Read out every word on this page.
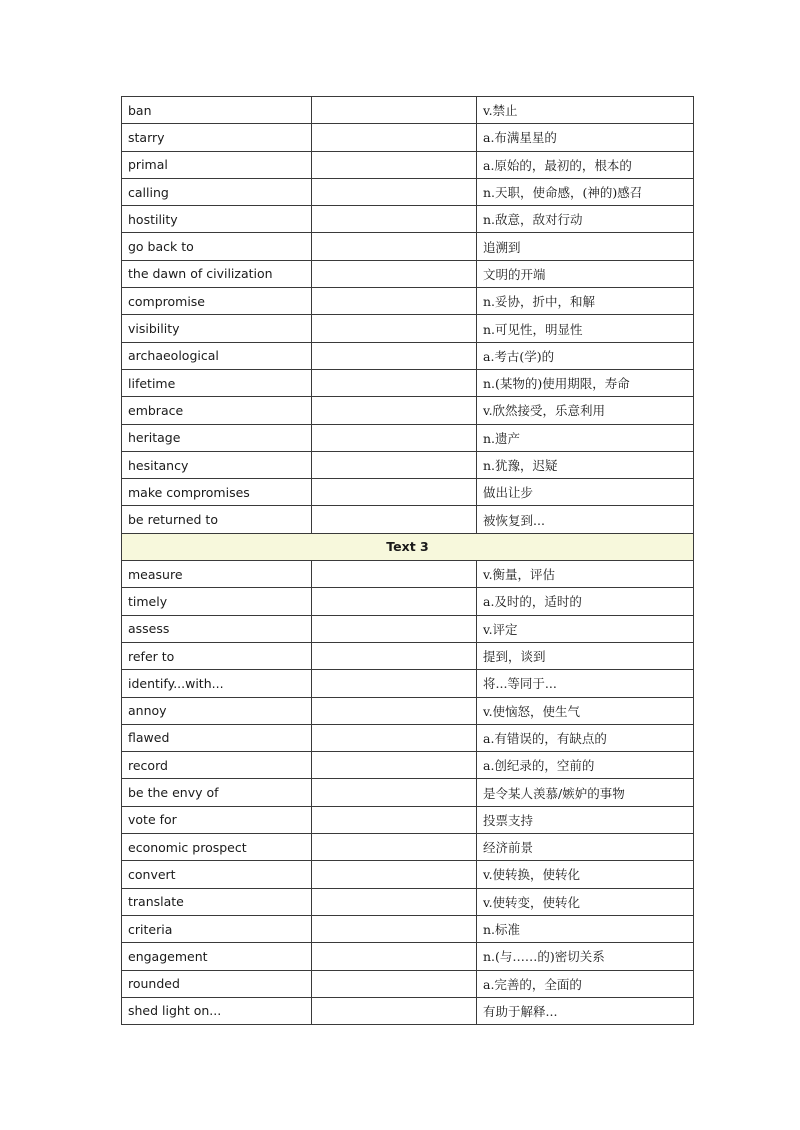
ban		v.禁止
starry		a.布满星星的
primal		a.原始的，最初的，根本的
calling		n.天职，使命感，(神的)感召
hostility		n.敌意，敌对行动
go back to		追溯到
the dawn of civilization		文明的开端
compromise		n.妥协，折中，和解
visibility		n.可见性，明显性
archaeological		a.考古(学)的
lifetime		n.(某物的)使用期限，寿命
embrace		v.欣然接受，乐意利用
heritage		n.遗产
hesitancy		n.犹豫，迟疑
make compromises		做出让步
be returned to		被恢复到...
Text 3		
measure		v.衡量，评估
timely		a.及时的，适时的
assess		v.评定
refer to		提到，谈到
identify...with...		将...等同于...
annoy		v.使恼怒，使生气
flawed		a.有错误的，有缺点的
record		a.创纪录的，空前的
be the envy of		是令某人羡慕/嫉妒的事物
vote for		投票支持
economic prospect		经济前景
convert		v.使转换，使转化
translate		v.使转变，使转化
criteria		n.标准
engagement		n.(与……的)密切关系
rounded		a.完善的，全面的
shed light on...		有助于解释...
